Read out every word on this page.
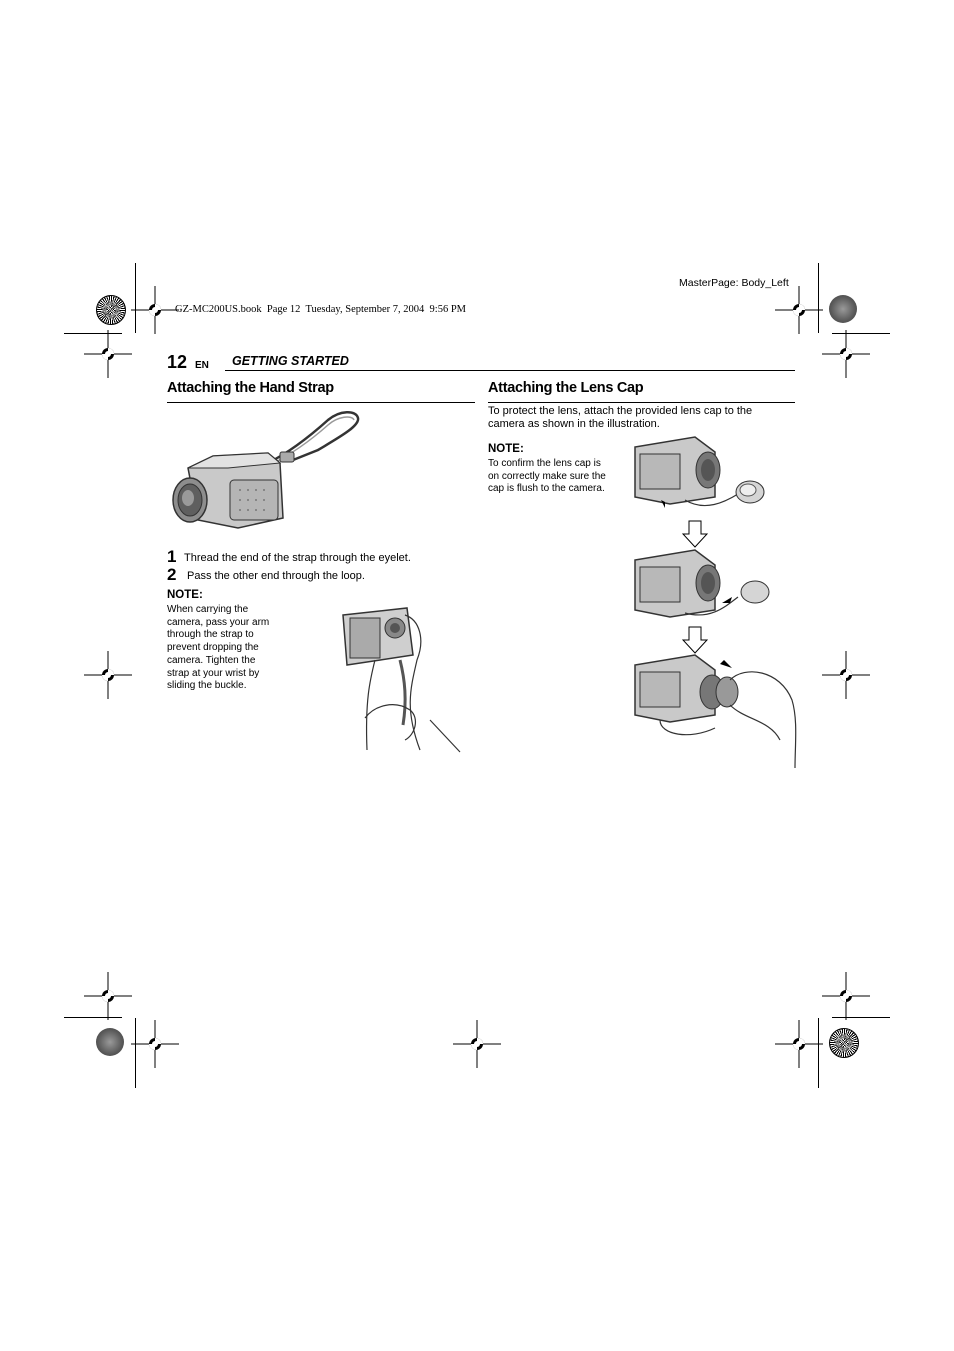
MasterPage: Body_Left
GZ-MC200US.book  Page 12  Tuesday, September 7, 2004  9:56 PM
12 EN GETTING STARTED
Attaching the Hand Strap
1 Thread the end of the strap through the eyelet.
2 Pass the other end through the loop.
NOTE:
When carrying the
camera, pass your arm
through the strap to
prevent dropping the
camera. Tighten the
strap at your wrist by
sliding the buckle.
Attaching the Lens Cap
To protect the lens, attach the provided lens cap to the
camera as shown in the illustration.
NOTE:
To confirm the lens cap is
on correctly make sure the
cap is flush to the camera.
